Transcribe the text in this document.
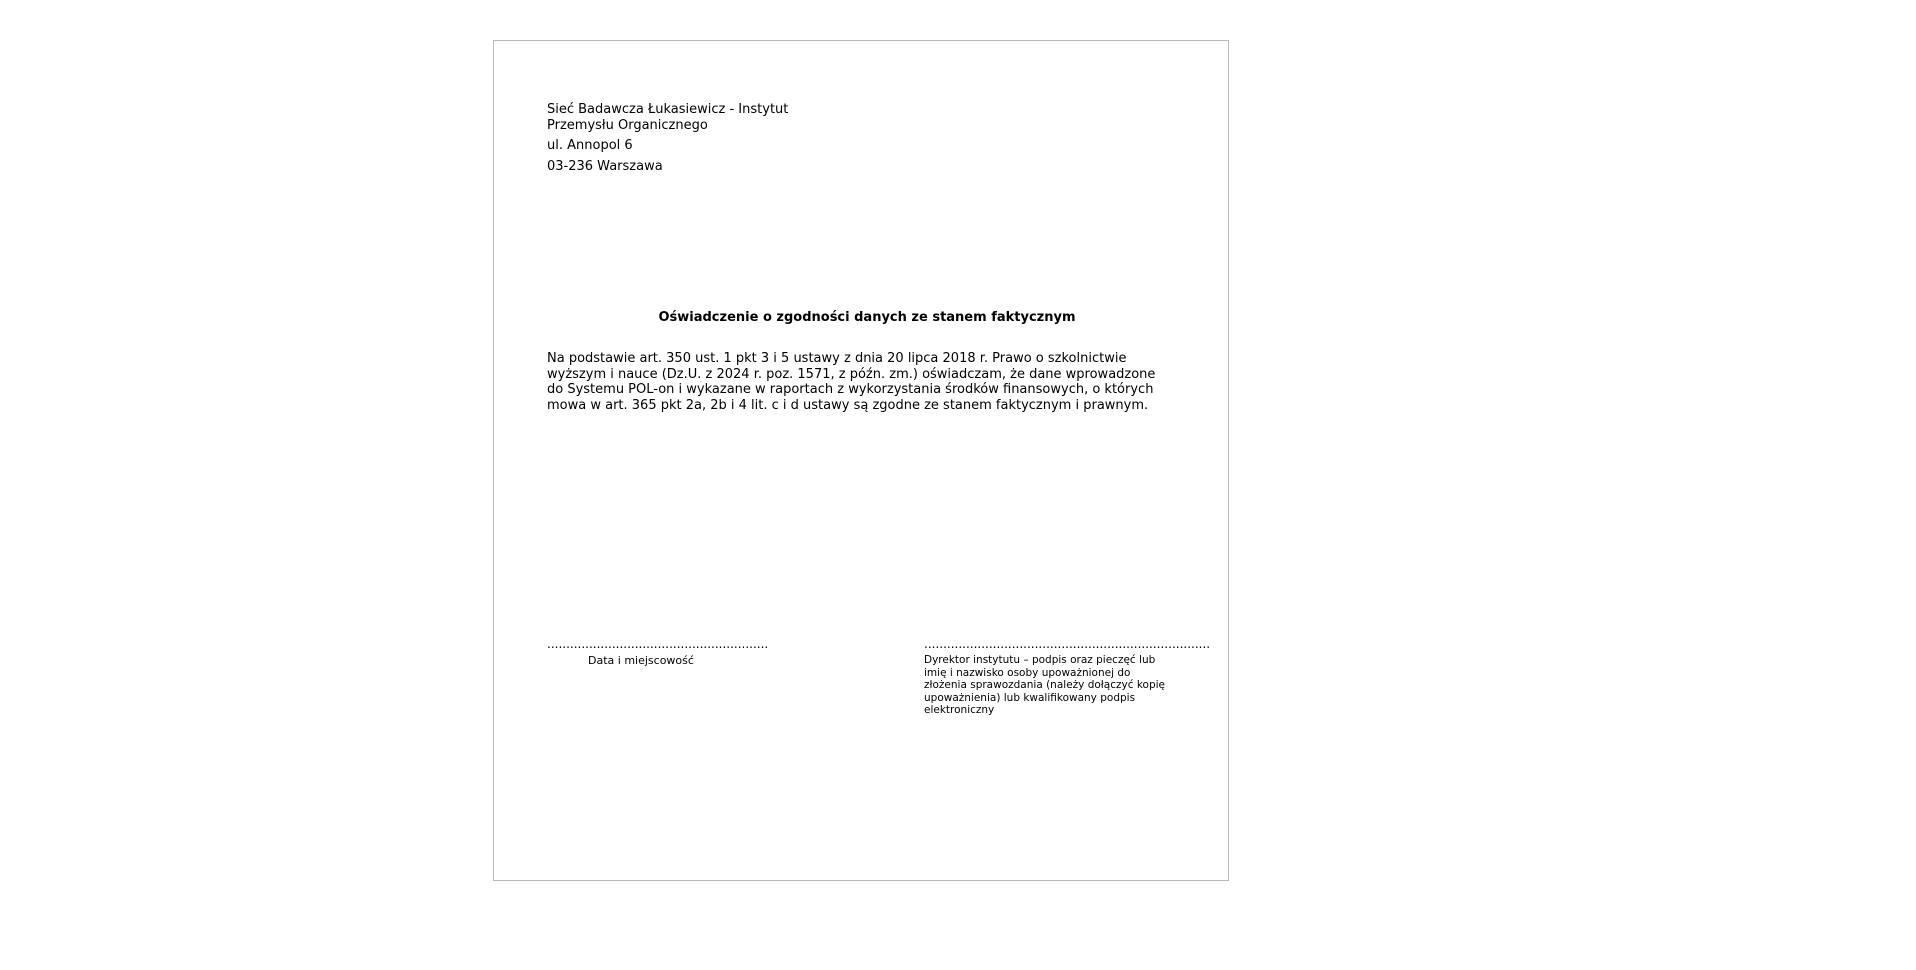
Sieć Badawcza Łukasiewicz - Instytut
Przemysłu Organicznego
ul. Annopol 6
03-236 Warszawa
Oświadczenie o zgodności danych ze stanem faktycznym
Na podstawie art. 350 ust. 1 pkt 3 i 5 ustawy z dnia 20 lipca 2018 r. Prawo o szkolnictwie wyższym i nauce (Dz.U. z 2024 r. poz. 1571, z późn. zm.) oświadczam, że dane wprowadzone do Systemu POL-on i wykazane w raportach z wykorzystania środków finansowych, o których mowa w art. 365 pkt 2a, 2b i 4 lit. c i d ustawy są zgodne ze stanem faktycznym i prawnym.
..........................................................
Data i miejscowość
...........................................................................
Dyrektor instytutu – podpis oraz pieczęć lub imię i nazwisko osoby upoważnionej do złożenia sprawozdania (należy dołączyć kopię upoważnienia) lub kwalifikowany podpis elektroniczny
